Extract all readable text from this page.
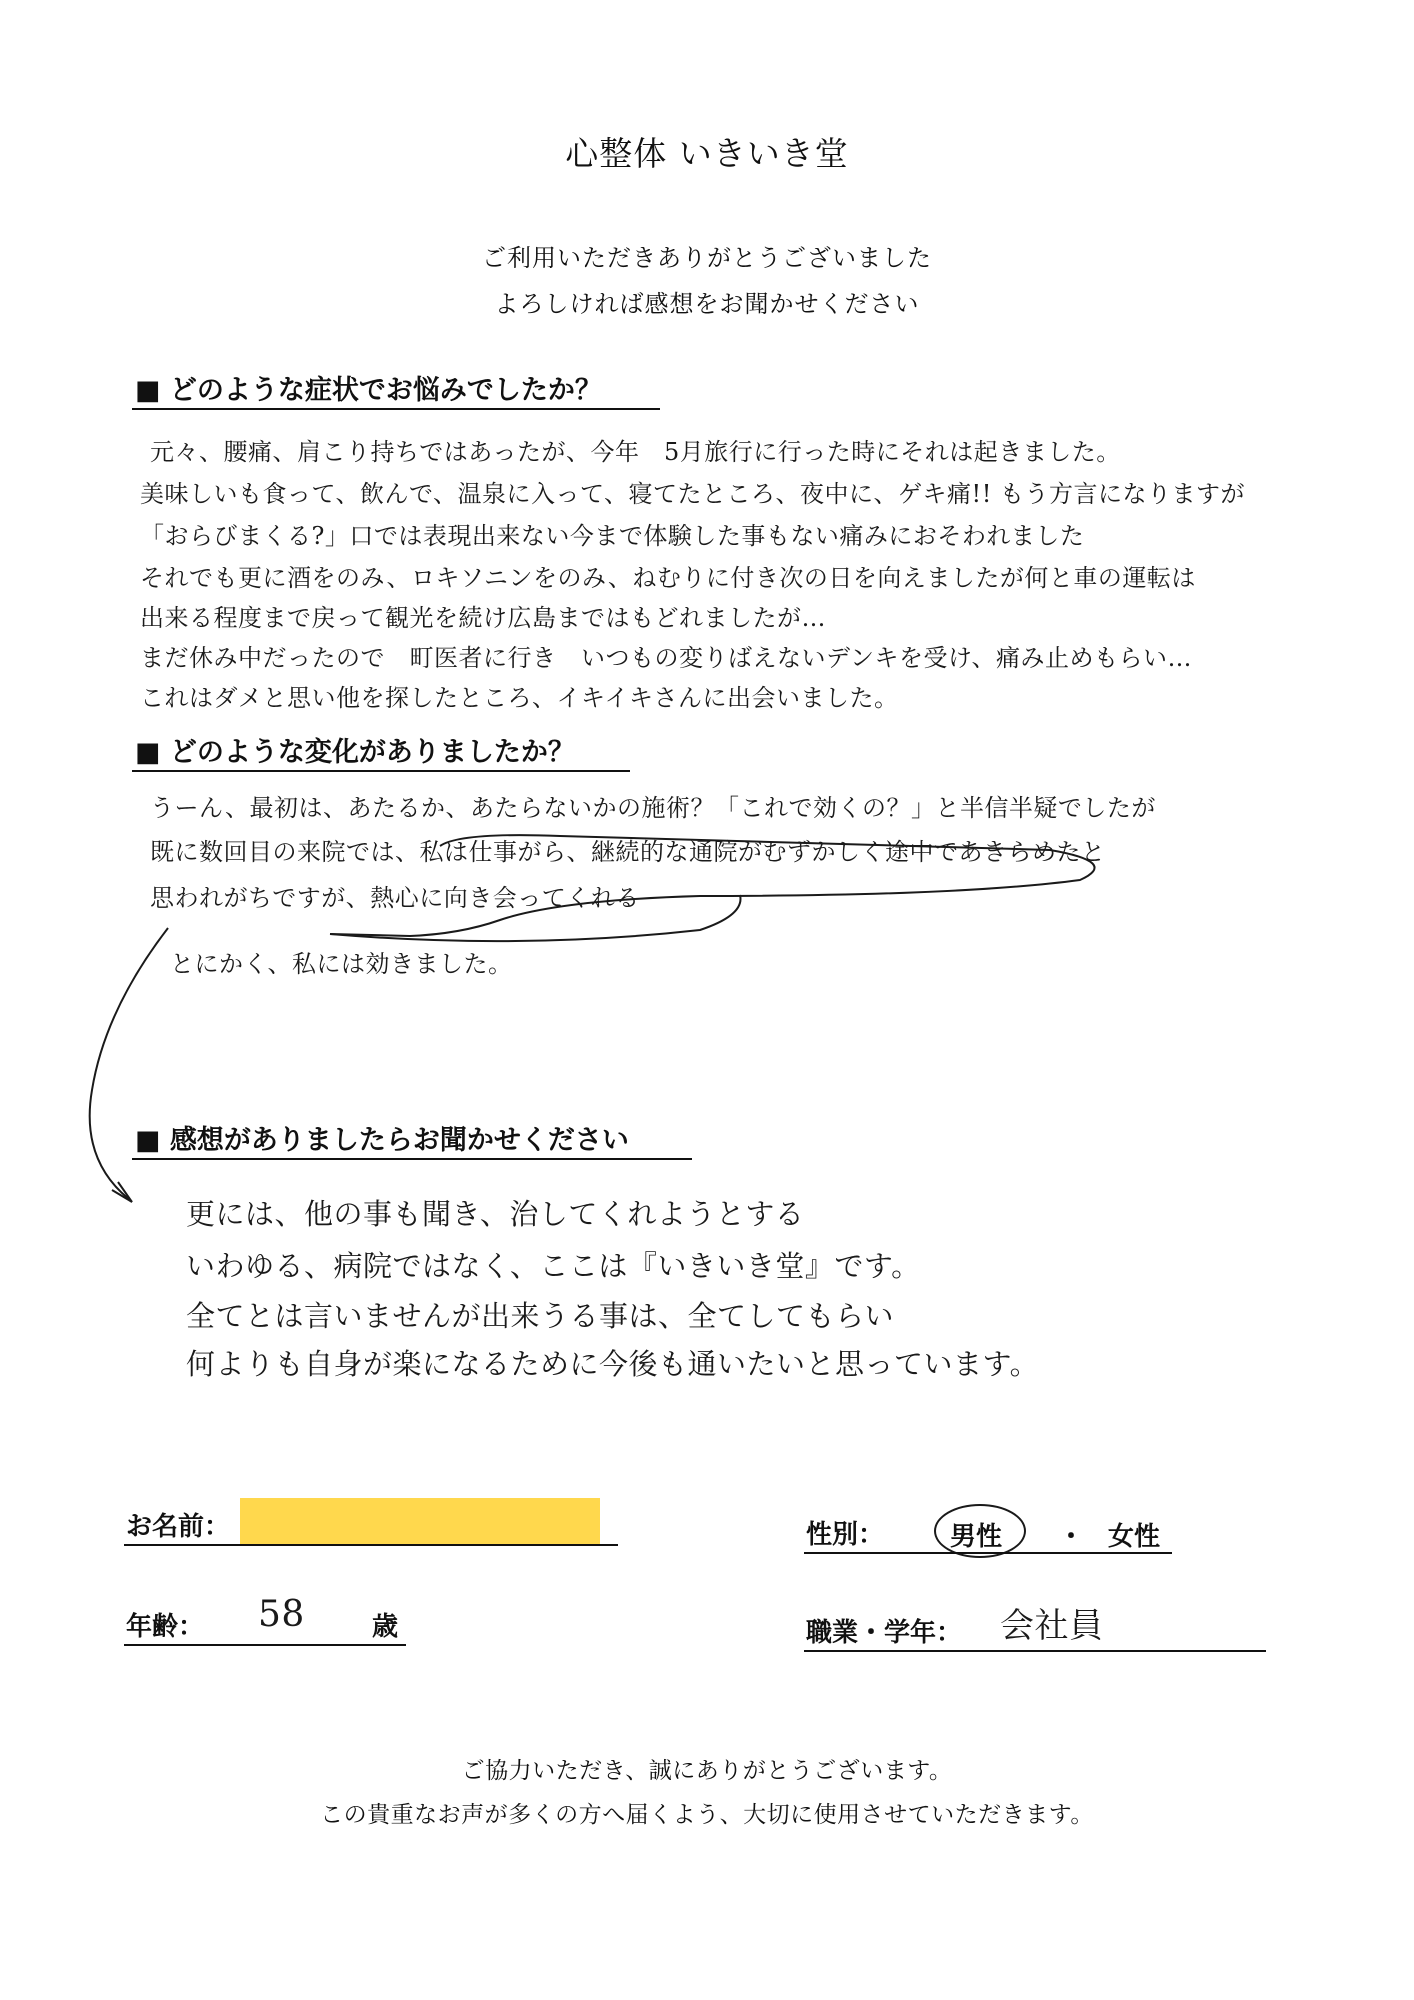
心整体 いきいき堂
ご利用いただきありがとうございました
よろしければ感想をお聞かせください
■ どのような症状でお悩みでしたか？
元々、腰痛、肩こり持ちではあったが、今年　5月旅行に行った時にそれは起きました。
美味しいも食って、飲んで、温泉に入って、寝てたところ、夜中に、ゲキ痛!! もう方言になりますが
「おらびまくる?」口では表現出来ない今まで体験した事もない痛みにおそわれました
それでも更に酒をのみ、ロキソニンをのみ、ねむりに付き次の日を向えましたが何と車の運転は
出来る程度まで戻って観光を続け広島まではもどれましたが…
まだ休み中だったので　町医者に行き　いつもの変りばえないデンキを受け、痛み止めもらい…
これはダメと思い他を探したところ、イキイキさんに出会いました。
■ どのような変化がありましたか？
うーん、最初は、あたるか、あたらないかの施術？「これで効くの？」と半信半疑でしたが
既に数回目の来院では、私は仕事がら、継続的な通院がむずかしく途中であきらめたと
思われがちですが、熱心に向き会ってくれる
とにかく、私には効きました。
■ 感想がありましたらお聞かせください
更には、他の事も聞き、治してくれようとする
いわゆる、病院ではなく、ここは『いきいき堂』です。
全てとは言いませんが出来うる事は、全てしてもらい
何よりも自身が楽になるために今後も通いたいと思っています。
お名前：	性別：	男性 ・ 女性
年齢： 58	歳	職業・学年： 会社員
ご協力いただき、誠にありがとうございます。
この貴重なお声が多くの方へ届くよう、大切に使用させていただきます。
